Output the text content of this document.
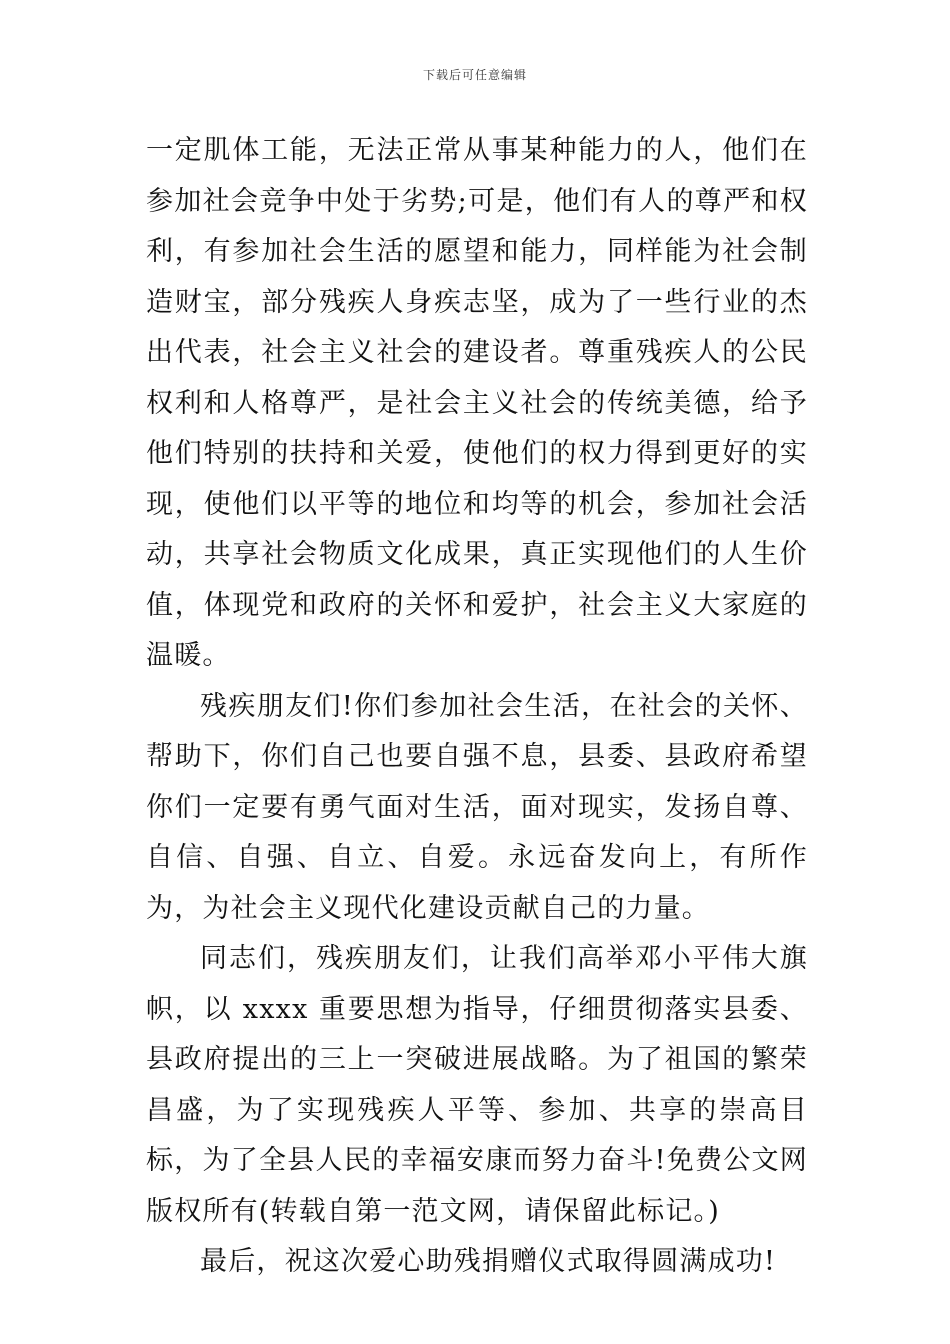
下载后可任意编辑

一定肌体工能，无法正常从事某种能力的人，他们在参加社会竞争中处于劣势;可是，他们有人的尊严和权利，有参加社会生活的愿望和能力，同样能为社会制造财宝，部分残疾人身疾志坚，成为了一些行业的杰出代表，社会主义社会的建设者。尊重残疾人的公民权利和人格尊严，是社会主义社会的传统美德，给予他们特别的扶持和关爱，使他们的权力得到更好的实现，使他们以平等的地位和均等的机会，参加社会活动，共享社会物质文化成果，真正实现他们的人生价值，体现党和政府的关怀和爱护，社会主义大家庭的温暖。

残疾朋友们!你们参加社会生活，在社会的关怀、帮助下，你们自己也要自强不息，县委、县政府希望你们一定要有勇气面对生活，面对现实，发扬自尊、自信、自强、自立、自爱。永远奋发向上，有所作为，为社会主义现代化建设贡献自己的力量。

同志们，残疾朋友们，让我们高举邓小平伟大旗帜，以 xxxx 重要思想为指导，仔细贯彻落实县委、县政府提出的三上一突破进展战略。为了祖国的繁荣昌盛，为了实现残疾人平等、参加、共享的崇高目标，为了全县人民的幸福安康而努力奋斗!免费公文网版权所有(转载自第一范文网，请保留此标记。)

最后，祝这次爱心助残捐赠仪式取得圆满成功!
